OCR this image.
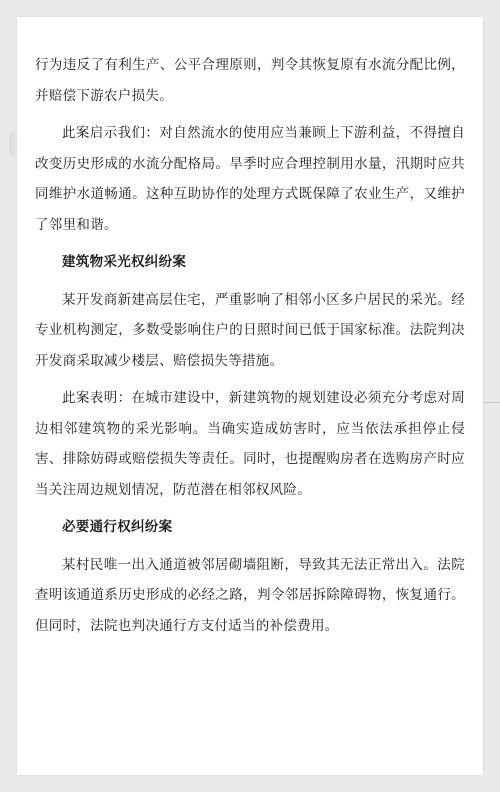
行为违反了有利生产、公平合理原则，判令其恢复原有水流分配比例，并赔偿下游农户损失。

此案启示我们：对自然流水的使用应当兼顾上下游利益，不得擅自改变历史形成的水流分配格局。旱季时应合理控制用水量，汛期时应共同维护水道畅通。这种互助协作的处理方式既保障了农业生产，又维护了邻里和谐。

建筑物采光权纠纷案

某开发商新建高层住宅，严重影响了相邻小区多户居民的采光。经专业机构测定，多数受影响住户的日照时间已低于国家标准。法院判决开发商采取减少楼层、赔偿损失等措施。

此案表明：在城市建设中，新建筑物的规划建设必须充分考虑对周边相邻建筑物的采光影响。当确实造成妨害时，应当依法承担停止侵害、排除妨碍或赔偿损失等责任。同时，也提醒购房者在选购房产时应当关注周边规划情况，防范潜在相邻权风险。

必要通行权纠纷案

某村民唯一出入通道被邻居砌墙阻断，导致其无法正常出入。法院查明该通道系历史形成的必经之路，判令邻居拆除障碍物，恢复通行。但同时，法院也判决通行方支付适当的补偿费用。
